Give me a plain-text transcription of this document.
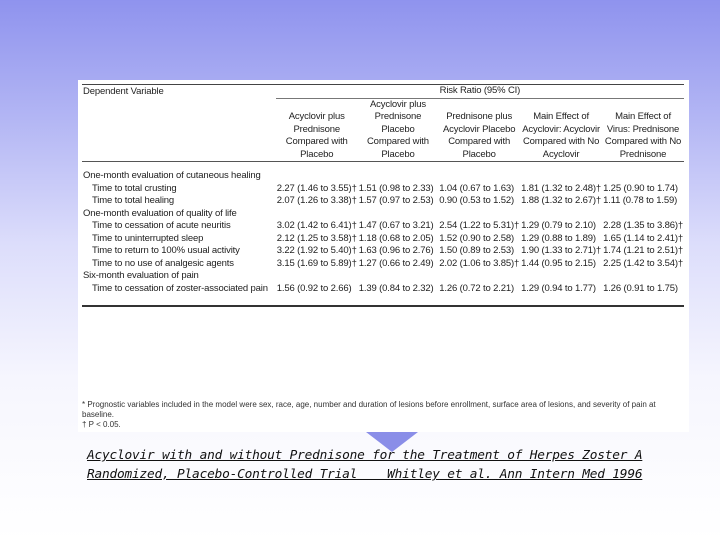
Dependent Variable	Risk Ratio (95% CI)				
	Acyclovir plus Prednisone Compared with Placebo	Acyclovir plus Prednisone Placebo Compared with Placebo	Prednisone plus Acyclovir Placebo Compared with Placebo	Main Effect of Acyclovir: Acyclovir Compared with No Acyclovir	Main Effect of Virus: Prednisone Compared with No Prednisone

One-month evaluation of cutaneous healing					
Time to total crusting	2.27 (1.46 to 3.55)†	1.51 (0.98 to 2.33)	1.04 (0.67 to 1.63)	1.81 (1.32 to 2.48)†	1.25 (0.90 to 1.74)
Time to total healing	2.07 (1.26 to 3.38)†	1.57 (0.97 to 2.53)	0.90 (0.53 to 1.52)	1.88 (1.32 to 2.67)†	1.11 (0.78 to 1.59)
One-month evaluation of quality of life					
Time to cessation of acute neuritis	3.02 (1.42 to 6.41)†	1.47 (0.67 to 3.21)	2.54 (1.22 to 5.31)†	1.29 (0.79 to 2.10)	2.28 (1.35 to 3.86)†
Time to uninterrupted sleep	2.12 (1.25 to 3.58)†	1.18 (0.68 to 2.05)	1.52 (0.90 to 2.58)	1.29 (0.88 to 1.89)	1.65 (1.14 to 2.41)†
Time to return to 100% usual activity	3.22 (1.92 to 5.40)†	1.63 (0.96 to 2.76)	1.50 (0.89 to 2.53)	1.90 (1.33 to 2.71)†	1.74 (1.21 to 2.51)†
Time to no use of analgesic agents	3.15 (1.69 to 5.89)†	1.27 (0.66 to 2.49)	2.02 (1.06 to 3.85)†	1.44 (0.95 to 2.15)	2.25 (1.42 to 3.54)†
Six-month evaluation of pain					
Time to cessation of zoster-associated pain	1.56 (0.92 to 2.66)	1.39 (0.84 to 2.32)	1.26 (0.72 to 2.21)	1.29 (0.94 to 1.77)	1.26 (0.91 to 1.75)

* Prognostic variables included in the model were sex, race, age, number and duration of lesions before enrollment, surface area of lesions, and severity of pain at baseline.
† P < 0.05.
Acyclovir with and without Prednisone for the Treatment of Herpes Zoster A
Randomized, Placebo-Controlled Trial    Whitley et al. Ann Intern Med 1996
